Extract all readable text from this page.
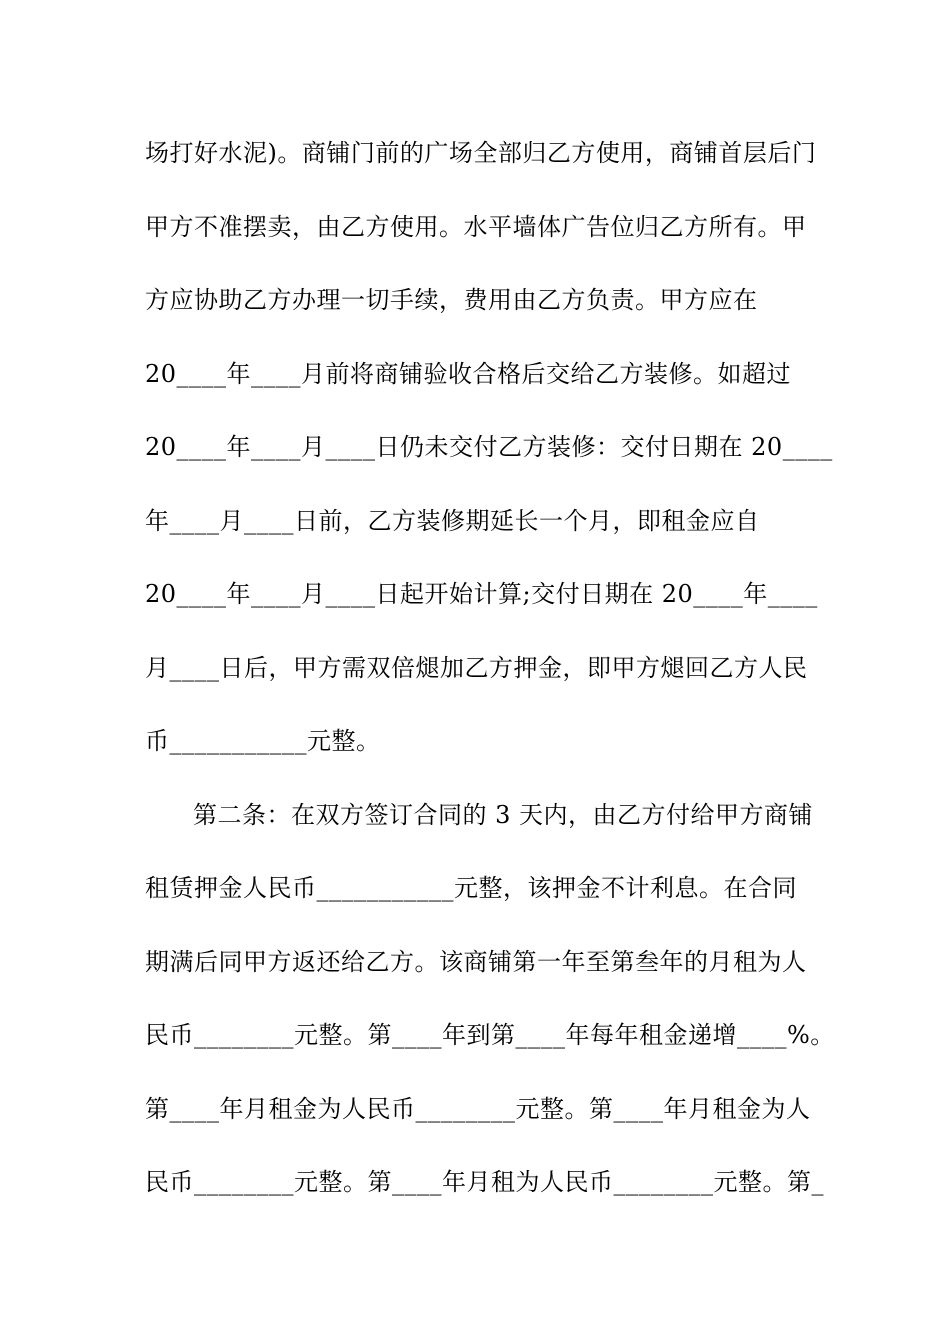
场打好水泥)。商铺门前的广场全部归乙方使用，商铺首层后门
甲方不准摆卖，由乙方使用。水平墙体广告位归乙方所有。甲
方应协助乙方办理一切手续，费用由乙方负责。甲方应在
20____年____月前将商铺验收合格后交给乙方装修。如超过
20____年____月____日仍未交付乙方装修：交付日期在 20____
年____月____日前，乙方装修期延长一个月，即租金应自
20____年____月____日起开始计算;交付日期在 20____年____
月____日后，甲方需双倍煺加乙方押金，即甲方煺回乙方人民
币___________元整。
第二条：在双方签订合同的 3 天内，由乙方付给甲方商铺
租赁押金人民币___________元整，该押金不计利息。在合同
期满后同甲方返还给乙方。该商铺第一年至第叁年的月租为人
民币________元整。第____年到第____年每年租金递增____%。
第____年月租金为人民币________元整。第____年月租金为人
民币________元整。第____年月租为人民币________元整。第_
